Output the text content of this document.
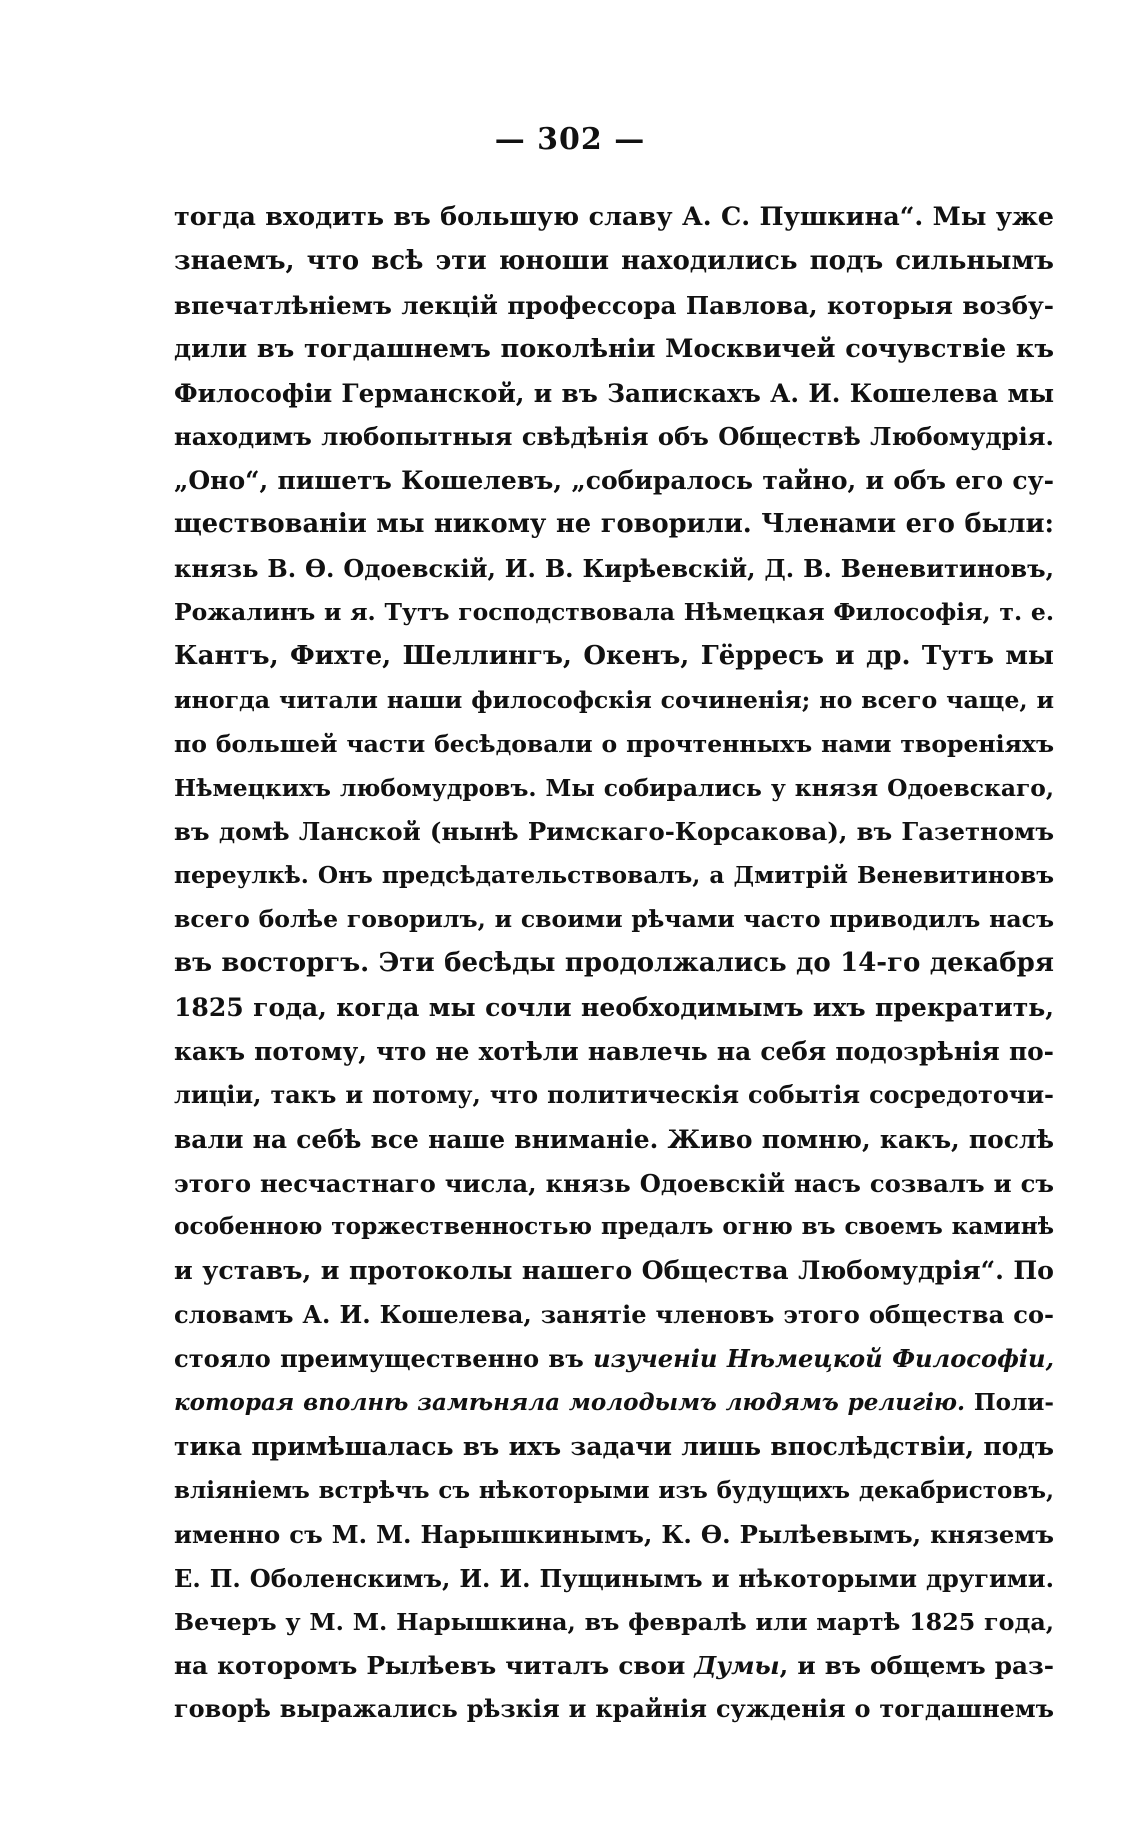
— 302 —
тогда входить въ большую славу А. С. Пушкина“. Мы уже
знаемъ, что всѣ эти юноши находились подъ сильнымъ
впечатлѣніемъ лекцій профессора Павлова, которыя возбу-
дили въ тогдашнемъ поколѣніи Москвичей сочувствіе къ
Философіи Германской, и въ Запискахъ А. И. Кошелева мы
находимъ любопытныя свѣдѣнія объ Обществѣ Любомудрія.
„Оно“, пишетъ Кошелевъ, „собиралось тайно, и объ его су-
ществованіи мы никому не говорили. Членами его были:
князь В. Ѳ. Одоевскій, И. В. Кирѣевскій, Д. В. Веневитиновъ,
Рожалинъ и я. Тутъ господствовала Нѣмецкая Философія, т. е.
Кантъ, Фихте, Шеллингъ, Окенъ, Гёрресъ и др. Тутъ мы
иногда читали наши философскія сочиненія; но всего чаще, и
по большей части бесѣдовали о прочтенныхъ нами твореніяхъ
Нѣмецкихъ любомудровъ. Мы собирались у князя Одоевскаго,
въ домѣ Ланской (нынѣ Римскаго-Корсакова), въ Газетномъ
переулкѣ. Онъ предсѣдательствовалъ, а Дмитрій Веневитиновъ
всего болѣе говорилъ, и своими рѣчами часто приводилъ насъ
въ восторгъ. Эти бесѣды продолжались до 14-го декабря
1825 года, когда мы сочли необходимымъ ихъ прекратить,
какъ потому, что не хотѣли навлечь на себя подозрѣнія по-
лиціи, такъ и потому, что политическія событія сосредоточи-
вали на себѣ все наше вниманіе. Живо помню, какъ, послѣ
этого несчастнаго числа, князь Одоевскій насъ созвалъ и съ
особенною торжественностью предалъ огню въ своемъ каминѣ
и уставъ, и протоколы нашего Общества Любомудрія“. По
словамъ А. И. Кошелева, занятіе членовъ этого общества со-
стояло преимущественно въ изученіи Нѣмецкой Философіи,
которая вполнѣ замѣняла молодымъ людямъ религію. Поли-
тика примѣшалась въ ихъ задачи лишь впослѣдствіи, подъ
вліяніемъ встрѣчъ съ нѣкоторыми изъ будущихъ декабристовъ,
именно съ М. М. Нарышкинымъ, К. Ѳ. Рылѣевымъ, княземъ
Е. П. Оболенскимъ, И. И. Пущинымъ и нѣкоторыми другими.
Вечеръ у М. М. Нарышкина, въ февралѣ или мартѣ 1825 года,
на которомъ Рылѣевъ читалъ свои Думы, и въ общемъ раз-
говорѣ выражались рѣзкія и крайнія сужденія о тогдашнемъ
